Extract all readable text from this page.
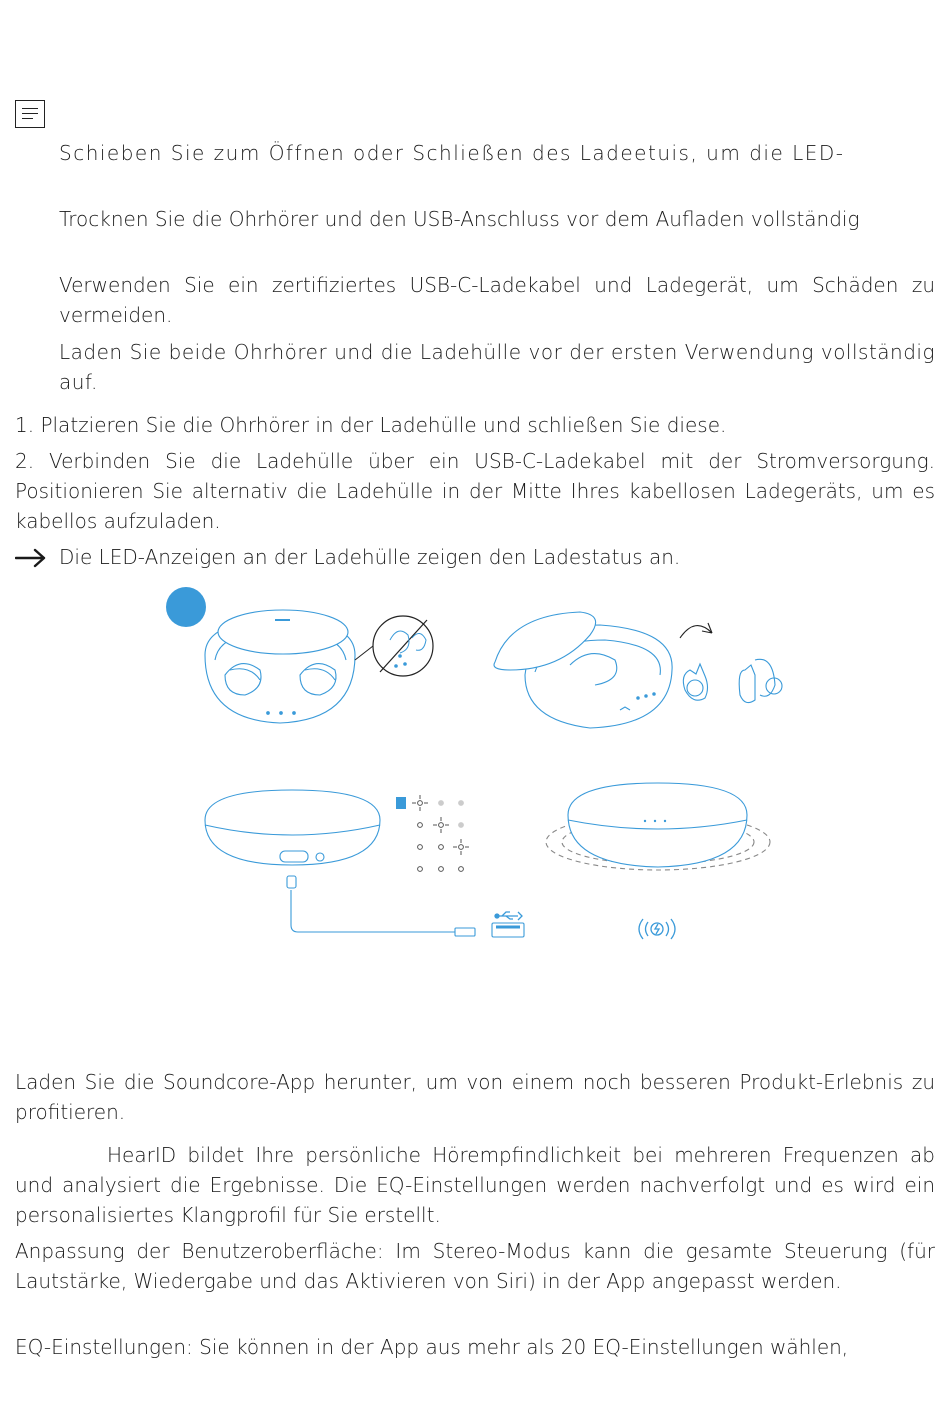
Schieben Sie zum Öffnen oder Schließen des Ladeetuis, um die LED-

Trocknen Sie die Ohrhörer und den USB-Anschluss vor dem Aufladen vollständig

Verwenden Sie ein zertifiziertes USB-C-Ladekabel und Ladegerät, um Schäden zu vermeiden.

Laden Sie beide Ohrhörer und die Ladehülle vor der ersten Verwendung vollständig auf.

1. Platzieren Sie die Ohrhörer in der Ladehülle und schließen Sie diese.

2. Verbinden Sie die Ladehülle über ein USB-C-Ladekabel mit der Stromversorgung. Positionieren Sie alternativ die Ladehülle in der Mitte Ihres kabellosen Ladegeräts, um es kabellos aufzuladen.

Die LED-Anzeigen an der Ladehülle zeigen den Ladestatus an.

Laden Sie die Soundcore-App herunter, um von einem noch besseren Produkt-Erlebnis zu profitieren.

HearID bildet Ihre persönliche Hörempfindlichkeit bei mehreren Frequenzen ab und analysiert die Ergebnisse. Die EQ-Einstellungen werden nachverfolgt und es wird ein personalisiertes Klangprofil für Sie erstellt.

Anpassung der Benutzeroberfläche: Im Stereo-Modus kann die gesamte Steuerung (für Lautstärke, Wiedergabe und das Aktivieren von Siri) in der App angepasst werden.

EQ-Einstellungen: Sie können in der App aus mehr als 20 EQ-Einstellungen wählen,
